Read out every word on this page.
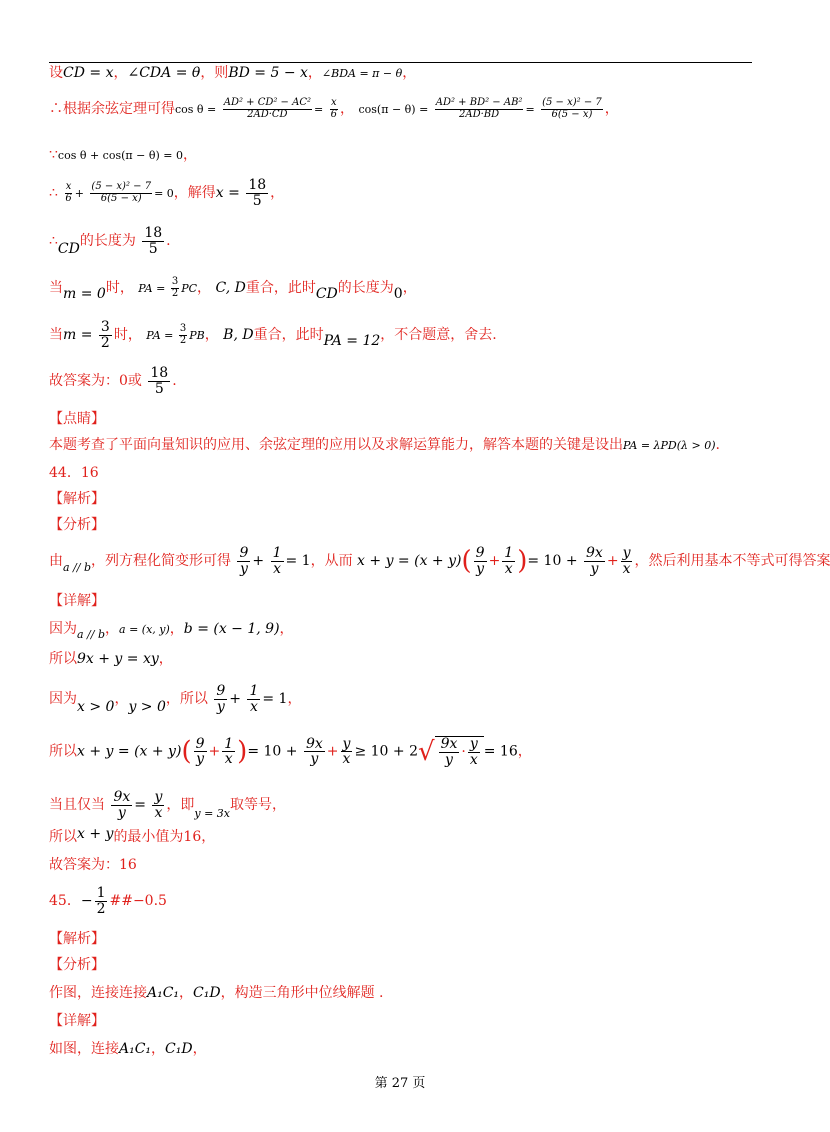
设CD = x，∠CDA = θ，则BD = 5 − x，∠BDA = π − θ，
∴根据余弦定理可得$\cos \theta = \frac{\text{AD² + CD² − AC²}}{2AD\cdot CD} = \frac{x}{6}$ ， $\cos(\pi - \theta) = \frac{\text{AD² + BD² − AB²}}{2AD\cdot BD} = \frac{\text{(5 − x)² − 7}}{6(5 - x)}$ ，
∵cos θ + cos(π − θ) = 0，
∴ $\frac{x}{6} + \frac{\text{(5 − x)² − 7}}{6(5 - x)} = 0$，解得$x = \frac{18}{5}$ ，
∴CD的长度为 $\frac{18}{5}$ .
当m = 0时， PA = $\frac{3}{2}$ PC， C, D重合，此时CD的长度为0，
当$m = \frac{3}{2}$ 时， PA = $\frac{3}{2}$ PB， B, D重合，此时PA = 12，不合题意，舍去.
故答案为：0或 $\frac{18}{5}$ .
【点睛】
本题考查了平面向量知识的应用、余弦定理的应用以及求解运算能力，解答本题的关键是设出PA = λPD(λ > 0).
44．16
【解析】
【分析】
由$_{a // b}$，列方程化简变形可得 $\frac{9}{y} + \frac{1}{x} = 1$，从而 $x + y = (x + y)( \frac{9}{y} + \frac{1}{x}$ )= $10 + \frac{9x}{y} + \frac{y}{x}$ ，然后利用基本不等式可得答案
【详解】
因为$_{a // b}$，a = (x, y)，b = (x − 1, 9)，
所以9x + y = xy，
因为x > 0，y > 0，所以 $\frac{9}{y} + \frac{1}{x} = 1$，
所以$x + y = (x + y)( \frac{9}{y} + \frac{1}{x}$ )= $10 + \frac{9x}{y} + \frac{y}{x} \ge 10 + 2$ √ $\frac{9x}{y} \cdot \frac{y}{x} = 16$，
当且仅当 $\frac{9x}{y} = \frac{y}{x}$ ，即$_{y = 3x}$取等号，
所以x + y的最小值为16，
故答案为：16
45．− $\frac{1}{2}$ ##−0.5
【解析】
【分析】
作图，连接连接A₁C₁，C₁D，构造三角形中位线解题 .
【详解】
如图，连接A₁C₁，C₁D，
第 27 页
